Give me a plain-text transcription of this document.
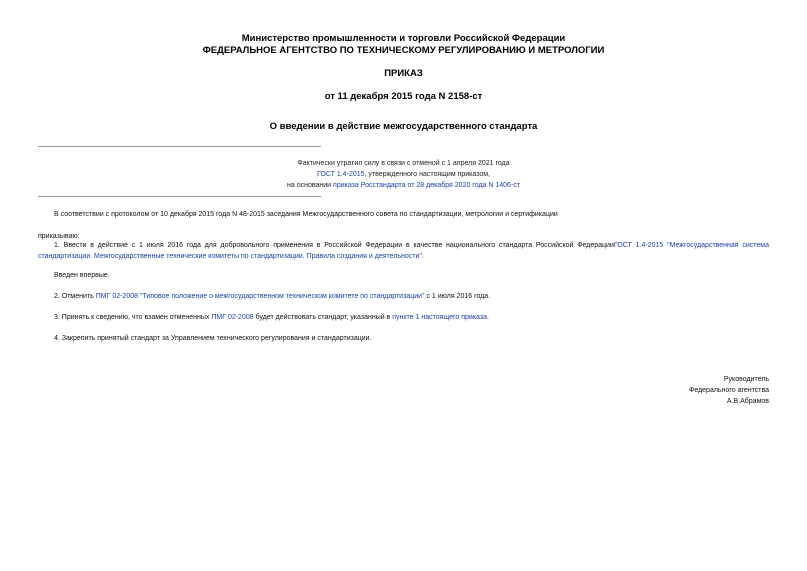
Министерство промышленности и торговли Российской Федерации
ФЕДЕРАЛЬНОЕ АГЕНТСТВО ПО ТЕХНИЧЕСКОМУ РЕГУЛИРОВАНИЮ И МЕТРОЛОГИИ
ПРИКАЗ
от 11 декабря 2015 года N 2158-ст
О введении в действие межгосударственного стандарта
Фактически утратил силу в связи с отменой с 1 апреля 2021 года
ГОСТ 1.4-2015, утвержденного настоящим приказом,
на основании приказа Росстандарта от 28 декабря 2020 года N 1406-ст
В соответствии с протоколом от 10 декабря 2015 года N 48-2015 заседания Межгосударственного совета по стандартизации, метрологии и сертификации
приказываю:
1. Ввести в действие с 1 июля 2016 года для добровольного применения в Российской Федерации в качестве национального стандарта Российской ФедерацииГОСТ 1.4-2015 "Межгосударственная система стандартизации. Межгосударственные технические комитеты по стандартизации. Правила создания и деятельности".
Введен впервые.
2. Отменить ПМГ 02-2008 "Типовое положение о межгосударственном техническом комитете по стандартизации" с 1 июля 2016 года.
3. Принять к сведению, что взамен отмененных ПМГ 02-2008 будет действовать стандарт, указанный в пункте 1 настоящего приказа.
4. Закрепить принятый стандарт за Управлением технического регулирования и стандартизации.
Руководитель
Федерального агентства
А.В.Абрамов
